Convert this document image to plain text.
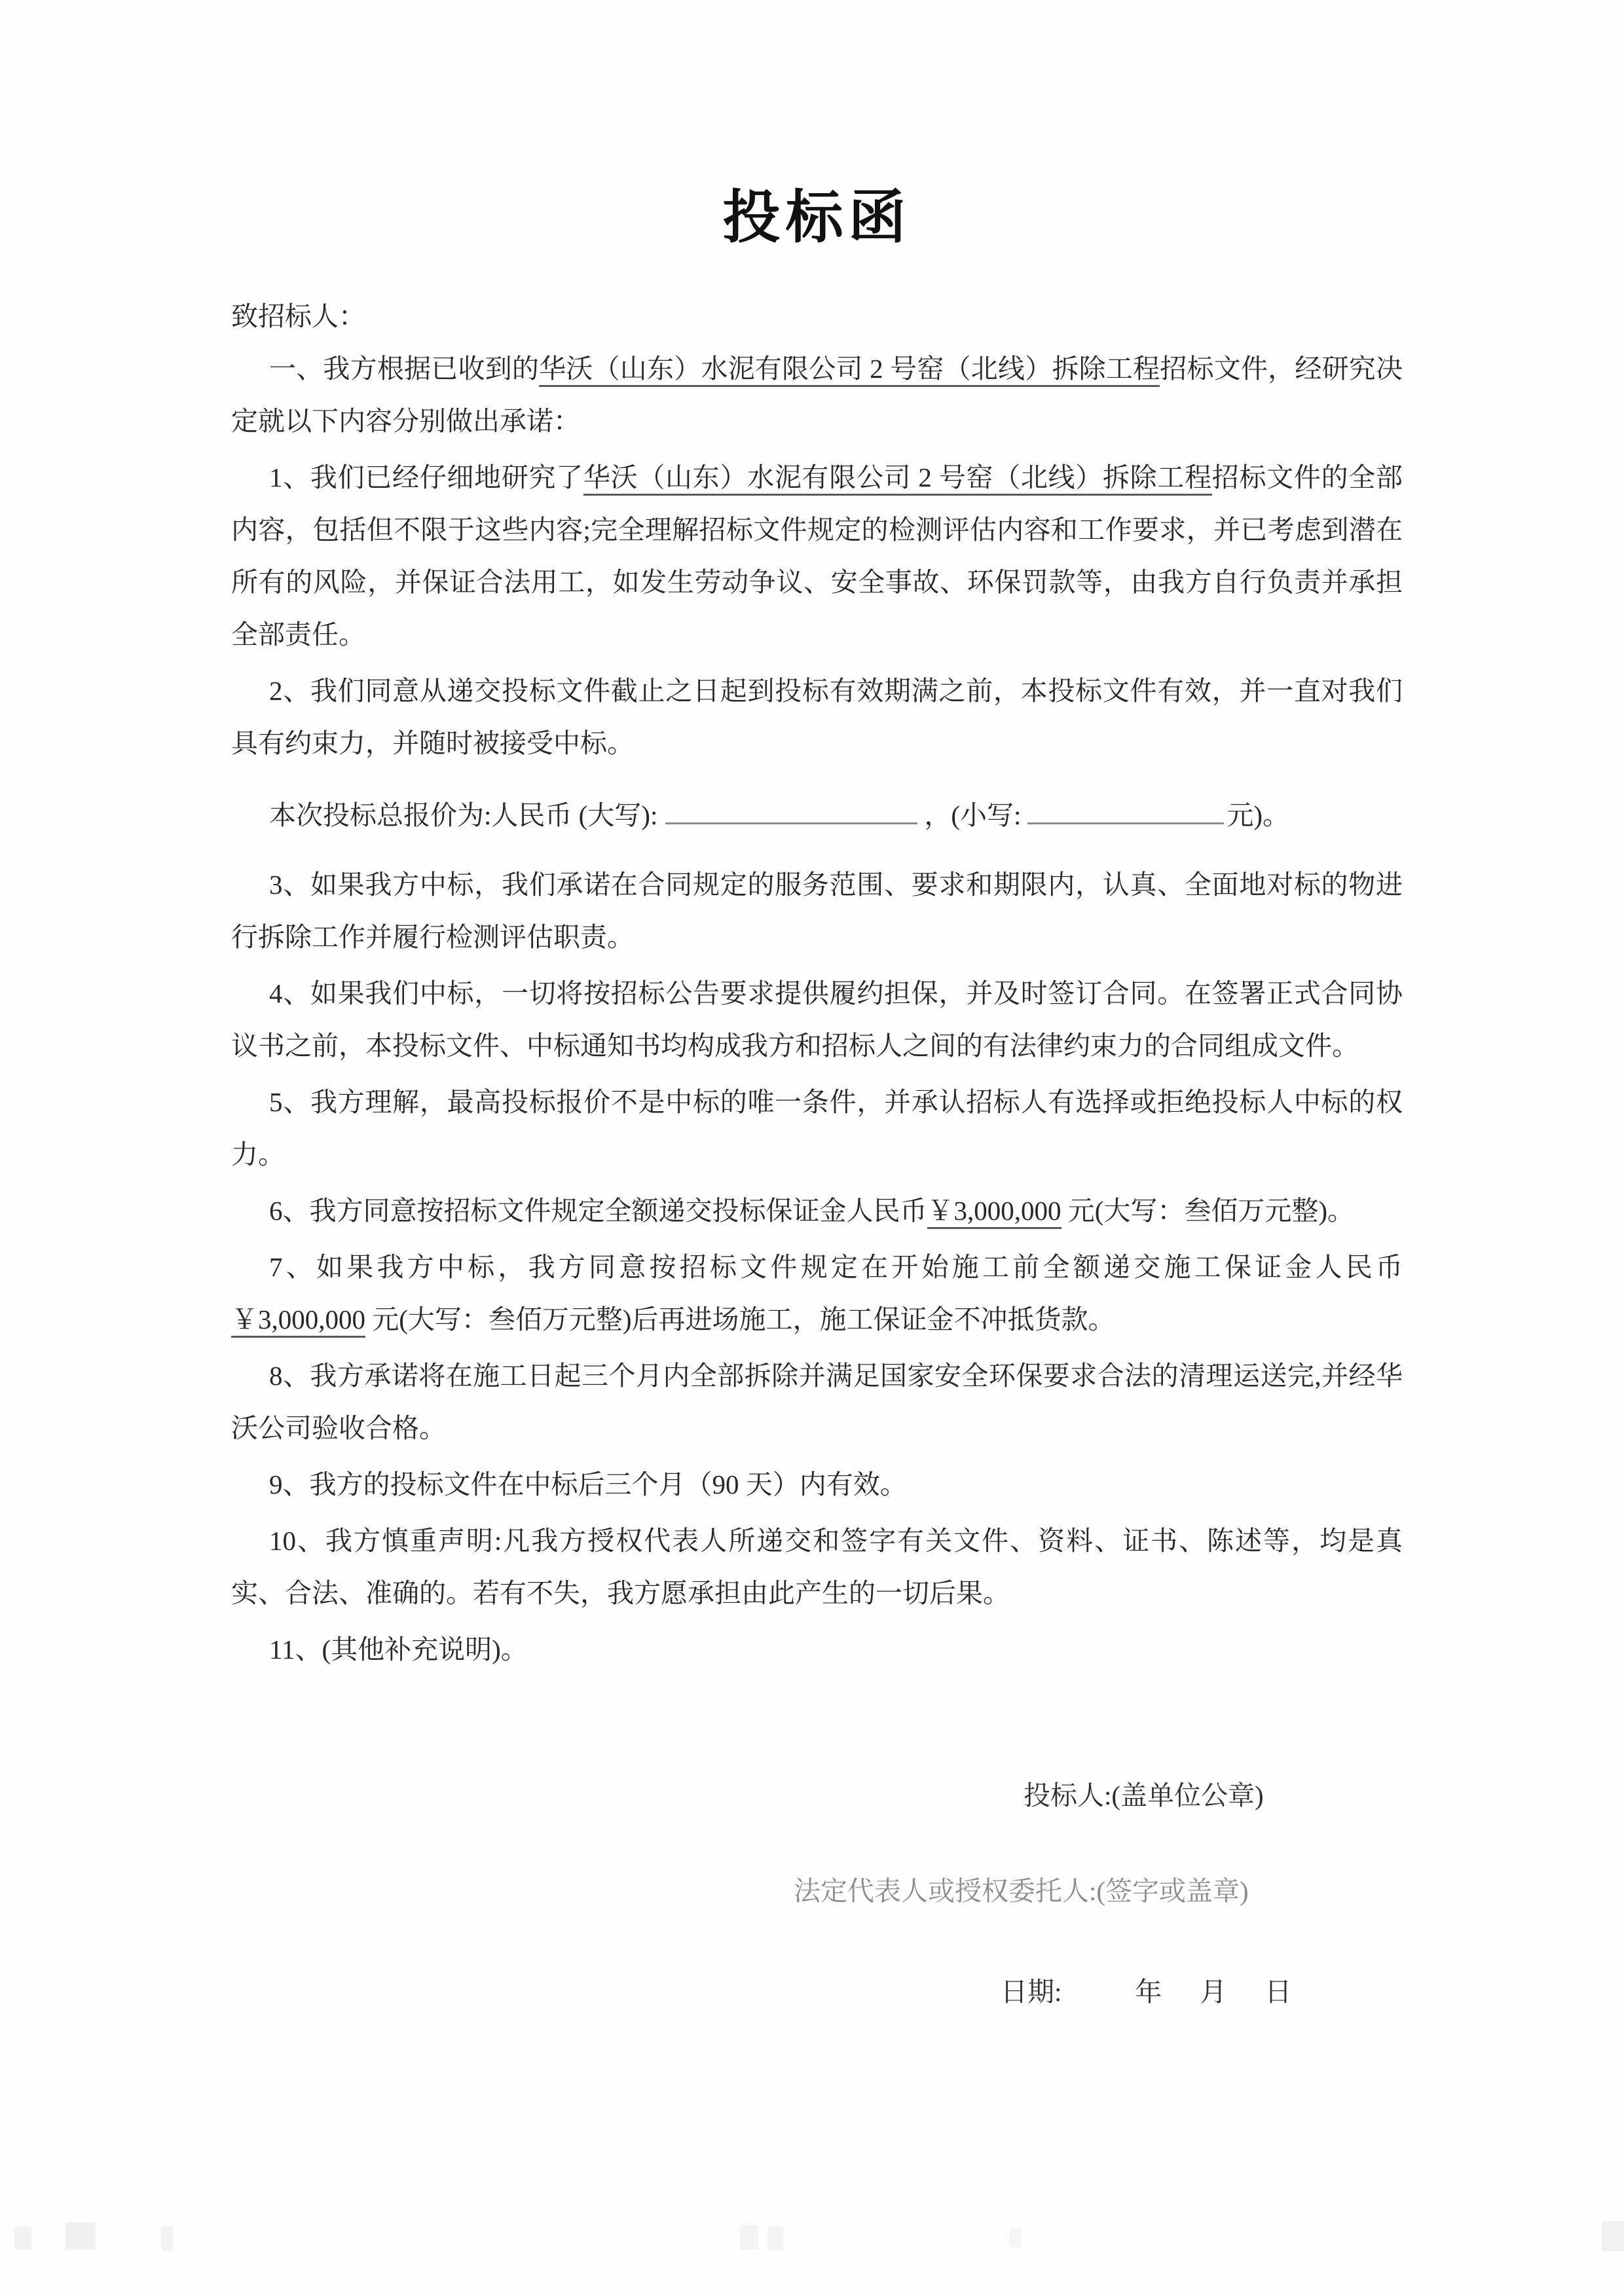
投标函

致招标人：

一、我方根据已收到的华沃（山东）水泥有限公司 2 号窑（北线）拆除工程招标文件，经研究决定就以下内容分别做出承诺：

1、我们已经仔细地研究了华沃（山东）水泥有限公司 2 号窑（北线）拆除工程招标文件的全部内容，包括但不限于这些内容;完全理解招标文件规定的检测评估内容和工作要求，并已考虑到潜在所有的风险，并保证合法用工，如发生劳动争议、安全事故、环保罚款等，由我方自行负责并承担全部责任。

2、我们同意从递交投标文件截止之日起到投标有效期满之前，本投标文件有效，并一直对我们具有约束力，并随时被接受中标。

本次投标总报价为:人民币 (大写):	，(小写:	元)。

3、如果我方中标，我们承诺在合同规定的服务范围、要求和期限内，认真、全面地对标的物进行拆除工作并履行检测评估职责。

4、如果我们中标，一切将按招标公告要求提供履约担保，并及时签订合同。在签署正式合同协议书之前，本投标文件、中标通知书均构成我方和招标人之间的有法律约束力的合同组成文件。

5、我方理解，最高投标报价不是中标的唯一条件，并承认招标人有选择或拒绝投标人中标的权力。

6、我方同意按招标文件规定全额递交投标保证金人民币￥3,000,000 元(大写：叁佰万元整)。

7、如果我方中标，我方同意按招标文件规定在开始施工前全额递交施工保证金人民币￥3,000,000 元(大写：叁佰万元整)后再进场施工，施工保证金不冲抵货款。

8、我方承诺将在施工日起三个月内全部拆除并满足国家安全环保要求合法的清理运送完,并经华沃公司验收合格。

9、我方的投标文件在中标后三个月（90 天）内有效。

10、我方慎重声明:凡我方授权代表人所递交和签字有关文件、资料、证书、陈述等，均是真实、合法、准确的。若有不失，我方愿承担由此产生的一切后果。

11、(其他补充说明)。

投标人:(盖单位公章)
法定代表人或授权委托人:(签字或盖章)
日期:	年 月 日
